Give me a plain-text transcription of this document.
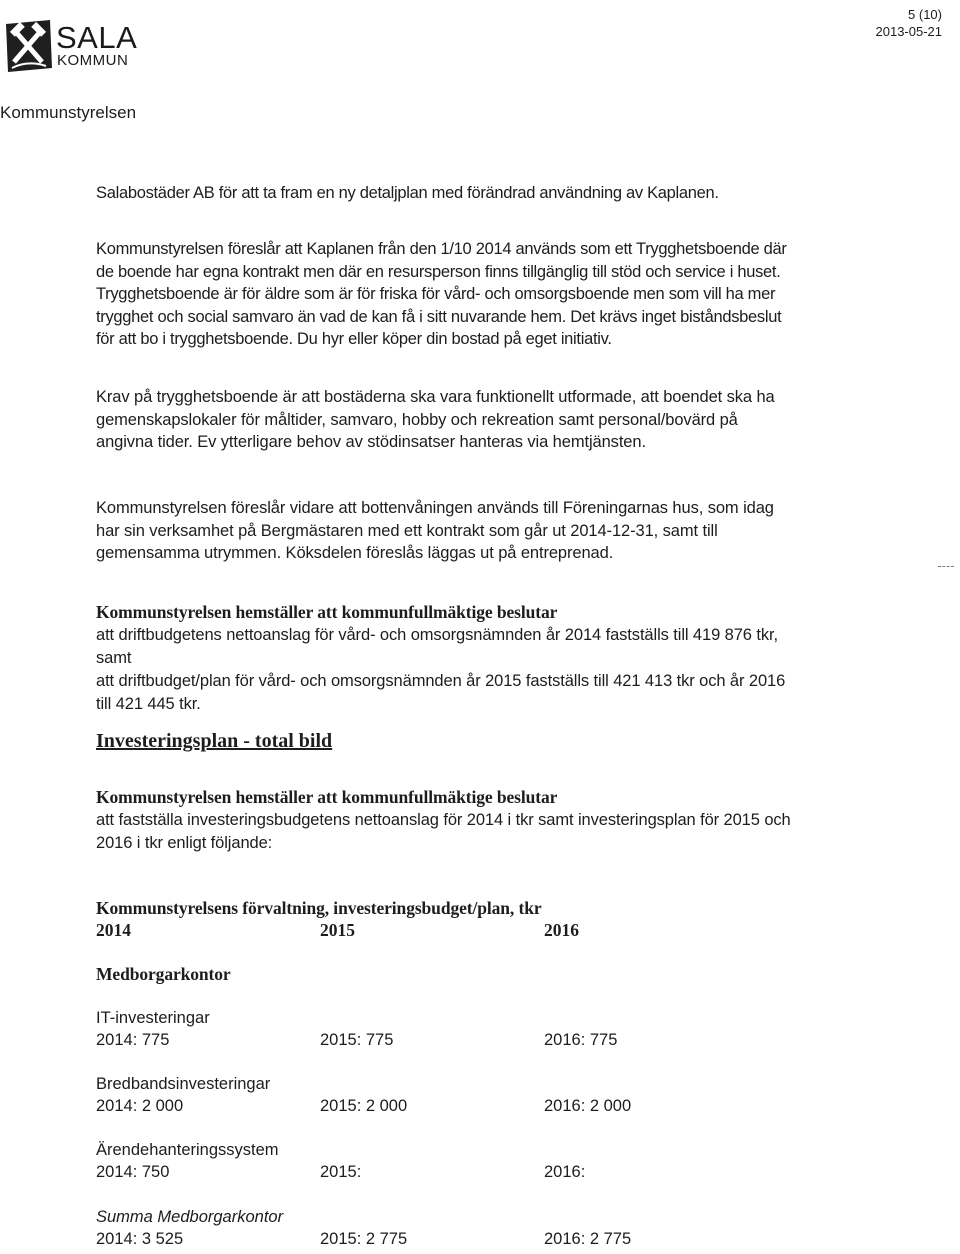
SALA
KOMMUN
5 (10)
2013-05-21
Kommunstyrelsen
Salabostäder AB för att ta fram en ny detaljplan med förändrad användning av Kaplanen.
Kommunstyrelsen föreslår att Kaplanen från den 1/10 2014 används som ett Trygghetsboende där de boende har egna kontrakt men där en resursperson finns tillgänglig till stöd och service i huset. Trygghetsboende är för äldre som är för friska för vård- och omsorgsboende men som vill ha mer trygghet och social samvaro än vad de kan få i sitt nuvarande hem. Det krävs inget biståndsbeslut för att bo i trygghetsboende. Du hyr eller köper din bostad på eget initiativ.
Krav på trygghetsboende är att bostäderna ska vara funktionellt utformade, att boendet ska ha gemenskapslokaler för måltider, samvaro, hobby och rekreation samt personal/bovärd på angivna tider. Ev ytterligare behov av stödinsatser hanteras via hemtjänsten.
Kommunstyrelsen föreslår vidare att bottenvåningen används till Föreningarnas hus, som idag har sin verksamhet på Bergmästaren med ett kontrakt som går ut 2014-12-31, samt till gemensamma utrymmen. Köksdelen föreslås läggas ut på entreprenad.
Kommunstyrelsen hemställer att kommunfullmäktige beslutar
att driftbudgetens nettoanslag för vård- och omsorgsnämnden år 2014 fastställs till 419 876 tkr, samt
att driftbudget/plan för vård- och omsorgsnämnden år 2015 fastställs till 421 413 tkr och år 2016 till 421 445 tkr.
Investeringsplan - total bild
Kommunstyrelsen hemställer att kommunfullmäktige beslutar
att fastställa investeringsbudgetens nettoanslag för 2014 i tkr samt investeringsplan för 2015 och 2016 i tkr enligt följande:
Kommunstyrelsens förvaltning, investeringsbudget/plan, tkr
2014	2015	2016
Medborgarkontor
IT-investeringar
2014: 775	2015: 775	2016: 775
Bredbandsinvesteringar
2014: 2 000	2015: 2 000	2016: 2 000
Ärendehanteringssystem
2014: 750	2015:	2016:
Summa Medborgarkontor
2014: 3 525	2015: 2 775	2016: 2 775
